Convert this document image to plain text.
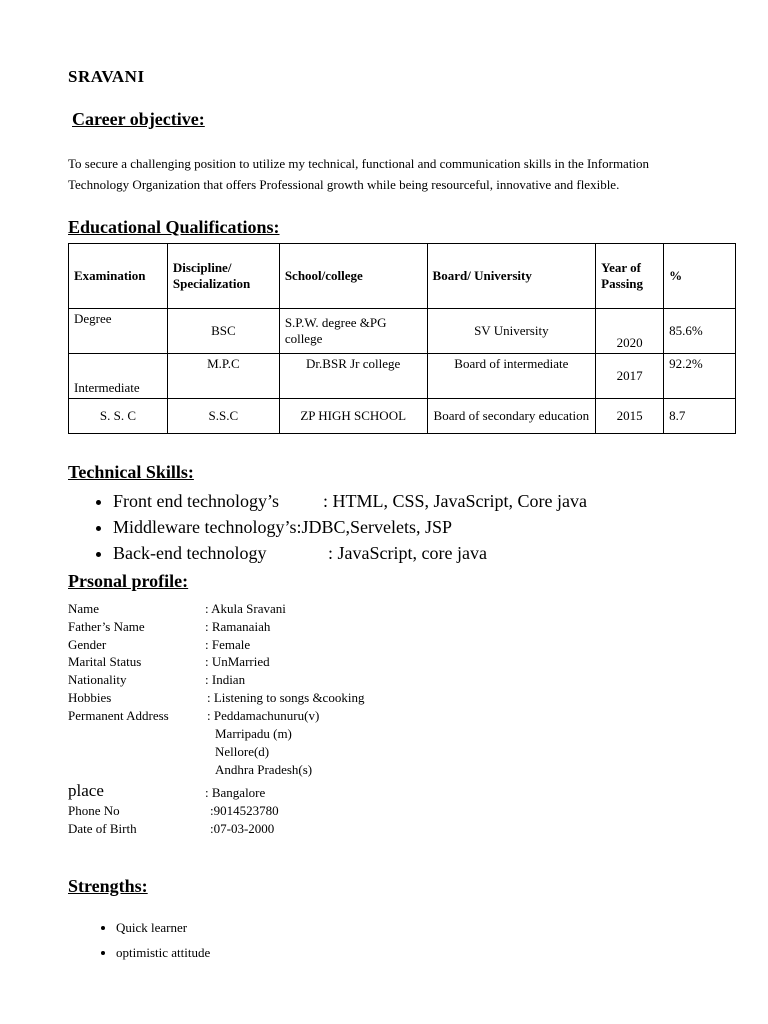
SRAVANI
Career objective:
To secure a challenging position to utilize my technical, functional and communication skills in the Information Technology Organization that offers Professional growth while being resourceful, innovative and flexible.
Educational Qualifications:
Examination	Discipline/ Specialization	School/college	Board/ University	Year of Passing	%
Degree	BSC	S.P.W. degree &PG college	SV University	2020	85.6%
Intermediate	M.P.C	Dr.BSR Jr college	Board of intermediate	2017	92.2%
S. S. C	S.S.C	ZP HIGH SCHOOL	Board of secondary education	2015	8.7
Technical Skills:
• Front end technology’s : HTML, CSS, JavaScript, Core java
• Middleware technology’s:JDBC,Servelets, JSP
• Back-end technology	: JavaScript, core java
Prsonal profile:
Name	: Akula Sravani
Father’s Name	: Ramanaiah
Gender	: Female
Marital Status	: UnMarried
Nationality	: Indian
Hobbies	: Listening to songs &cooking
Permanent Address	: Peddamachunuru(v)
Marripadu (m)
Nellore(d)
Andhra Pradesh(s)
place	: Bangalore
Phone No	:9014523780
Date of Birth	:07-03-2000
Strengths:
• Quick learner
• optimistic attitude
